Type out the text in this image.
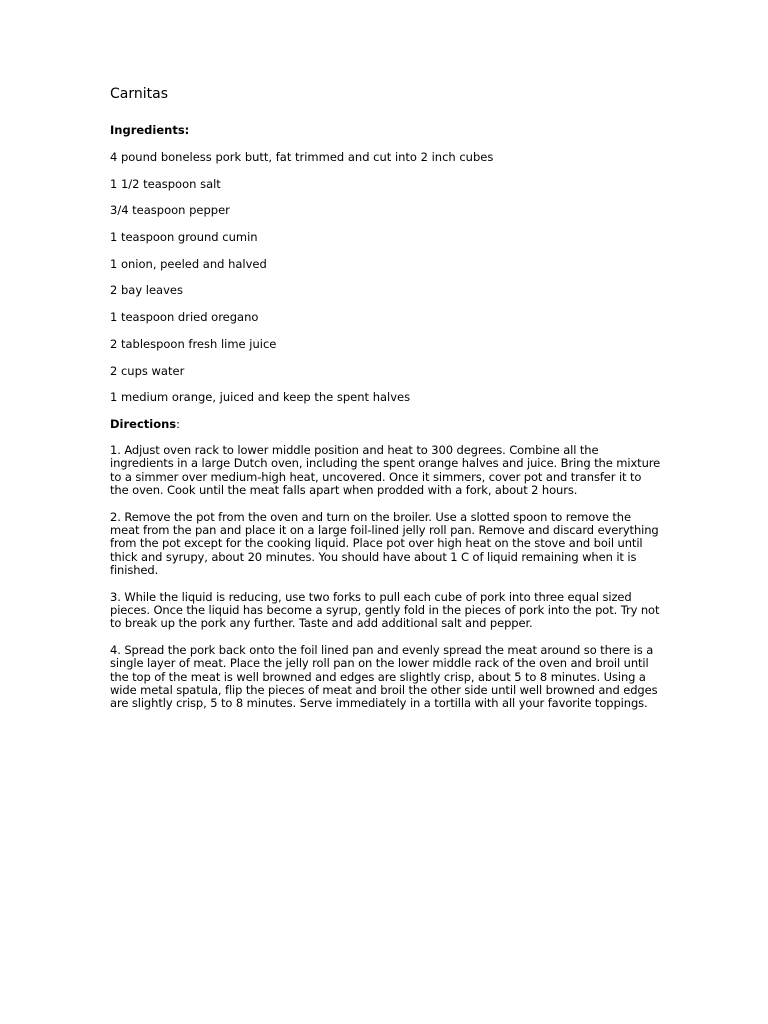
Carnitas
Ingredients:
4 pound boneless pork butt, fat trimmed and cut into 2 inch cubes
1 1/2 teaspoon salt
3/4 teaspoon pepper
1 teaspoon ground cumin
1 onion, peeled and halved
2 bay leaves
1 teaspoon dried oregano
2 tablespoon fresh lime juice
2 cups water
1 medium orange, juiced and keep the spent halves
Directions:

1. Adjust oven rack to lower middle position and heat to 300 degrees. Combine all the ingredients in a large Dutch oven, including the spent orange halves and juice. Bring the mixture to a simmer over medium-high heat, uncovered. Once it simmers, cover pot and transfer it to the oven. Cook until the meat falls apart when prodded with a fork, about 2 hours.

2. Remove the pot from the oven and turn on the broiler. Use a slotted spoon to remove the meat from the pan and place it on a large foil-lined jelly roll pan. Remove and discard everything from the pot except for the cooking liquid. Place pot over high heat on the stove and boil until thick and syrupy, about 20 minutes. You should have about 1 C of liquid remaining when it is finished.

3. While the liquid is reducing, use two forks to pull each cube of pork into three equal sized pieces. Once the liquid has become a syrup, gently fold in the pieces of pork into the pot. Try not to break up the pork any further. Taste and add additional salt and pepper.

4. Spread the pork back onto the foil lined pan and evenly spread the meat around so there is a single layer of meat. Place the jelly roll pan on the lower middle rack of the oven and broil until the top of the meat is well browned and edges are slightly crisp, about 5 to 8 minutes. Using a wide metal spatula, flip the pieces of meat and broil the other side until well browned and edges are slightly crisp, 5 to 8 minutes. Serve immediately in a tortilla with all your favorite toppings.
